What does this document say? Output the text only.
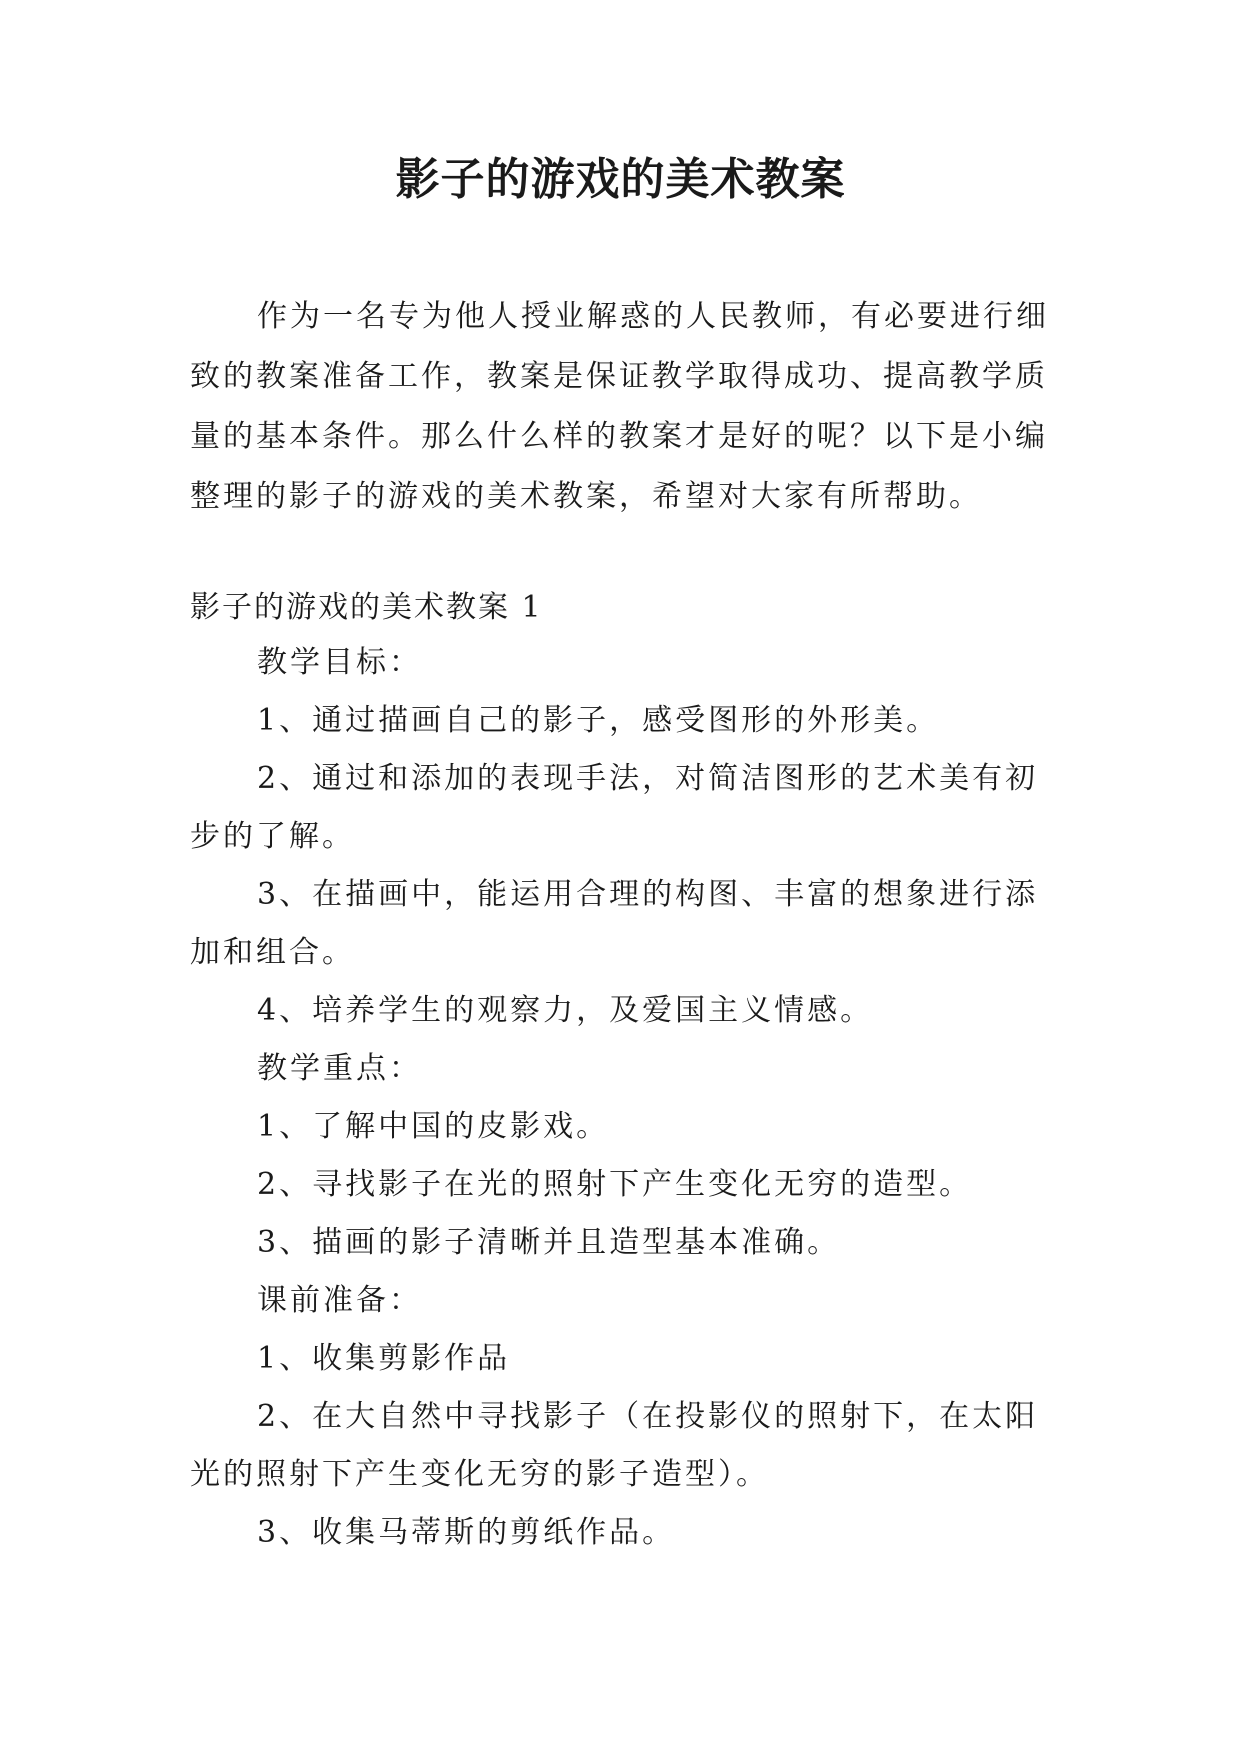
影子的游戏的美术教案

作为一名专为他人授业解惑的人民教师，有必要进行细致的教案准备工作，教案是保证教学取得成功、提高教学质量的基本条件。那么什么样的教案才是好的呢？以下是小编整理的影子的游戏的美术教案，希望对大家有所帮助。

影子的游戏的美术教案 1
教学目标：
1、通过描画自己的影子，感受图形的外形美。
2、通过和添加的表现手法，对简洁图形的艺术美有初步的了解。
3、在描画中，能运用合理的构图、丰富的想象进行添加和组合。
4、培养学生的观察力，及爱国主义情感。
教学重点：
1、了解中国的皮影戏。
2、寻找影子在光的照射下产生变化无穷的造型。
3、描画的影子清晰并且造型基本准确。
课前准备：
1、收集剪影作品
2、在大自然中寻找影子（在投影仪的照射下，在太阳光的照射下产生变化无穷的影子造型）。
3、收集马蒂斯的剪纸作品。
